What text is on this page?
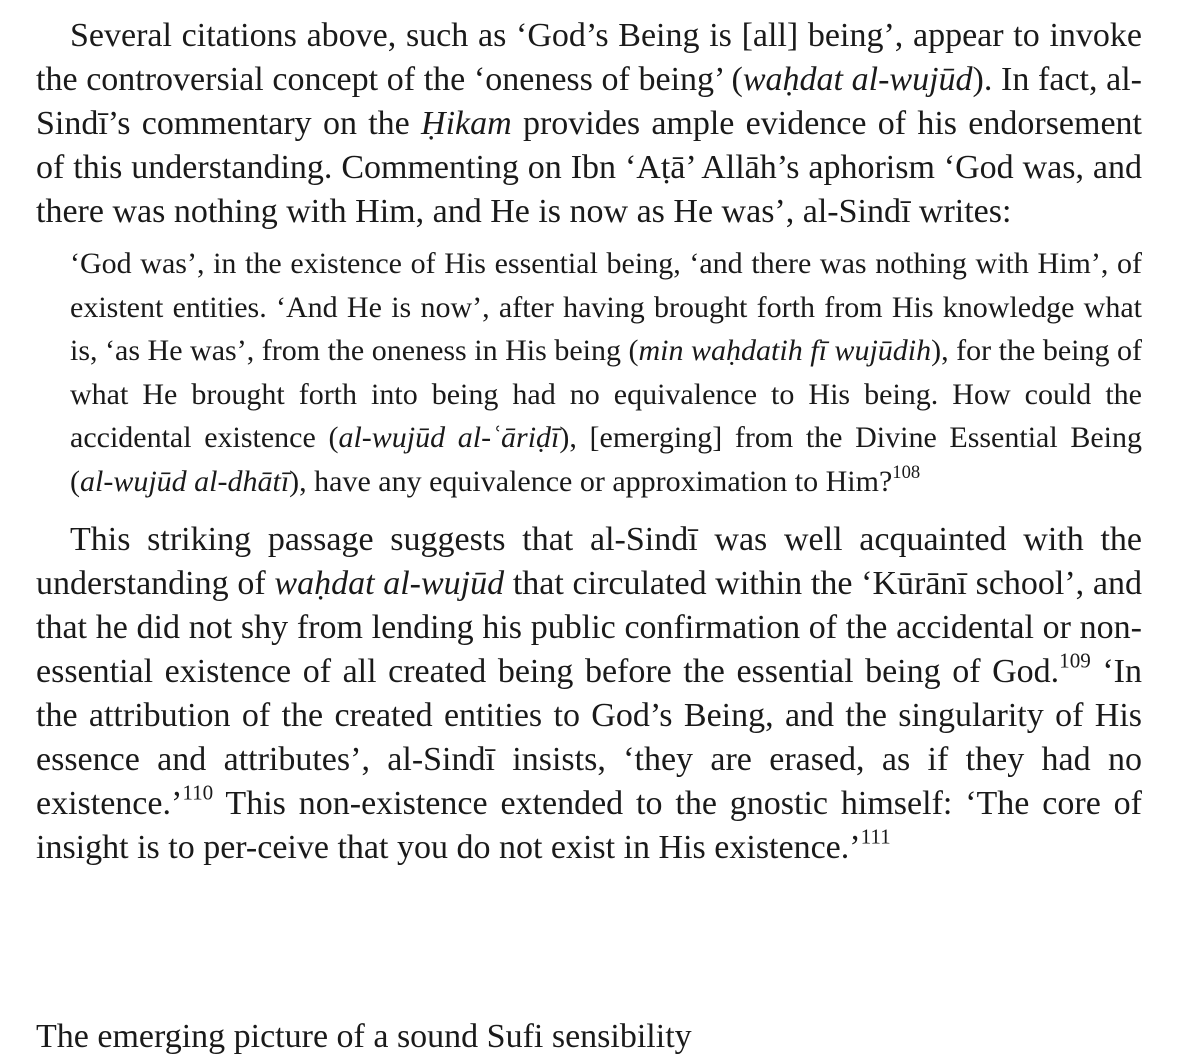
Several citations above, such as ‘God’s Being is [all] being’, appear to invoke the controversial concept of the ‘oneness of being’ (waḥdat al-wujūd). In fact, al-Sindī’s commentary on the Ḥikam provides ample evidence of his endorsement of this understanding. Commenting on Ibn ‘Aṭā’ Allāh’s aphorism ‘God was, and there was nothing with Him, and He is now as He was’, al-Sindī writes:

‘God was’, in the existence of His essential being, ‘and there was nothing with Him’, of existent entities. ‘And He is now’, after having brought forth from His knowledge what is, ‘as He was’, from the oneness in His being (min waḥdatih fī wujūdih), for the being of what He brought forth into being had no equivalence to His being. How could the accidental existence (al-wujūd al-ʿāriḍī), [emerging] from the Divine Essential Being (al-wujūd al-dhātī), have any equivalence or approximation to Him?$^{108}$

This striking passage suggests that al-Sindī was well acquainted with the understanding of waḥdat al-wujūd that circulated within the ‘Kūrānī school’, and that he did not shy from lending his public confirmation of the accidental or non-essential existence of all created being before the essential being of God.$^{109}$ ‘In the attribution of the created entities to God’s Being, and the singularity of His essence and attributes’, al-Sindī insists, ‘they are erased, as if they had no existence.’$^{110}$ This non-existence extended to the gnostic himself: ‘The core of insight is to per-ceive that you do not exist in His existence.’$^{111}$

The emerging picture of a sound Sufi sensibility
